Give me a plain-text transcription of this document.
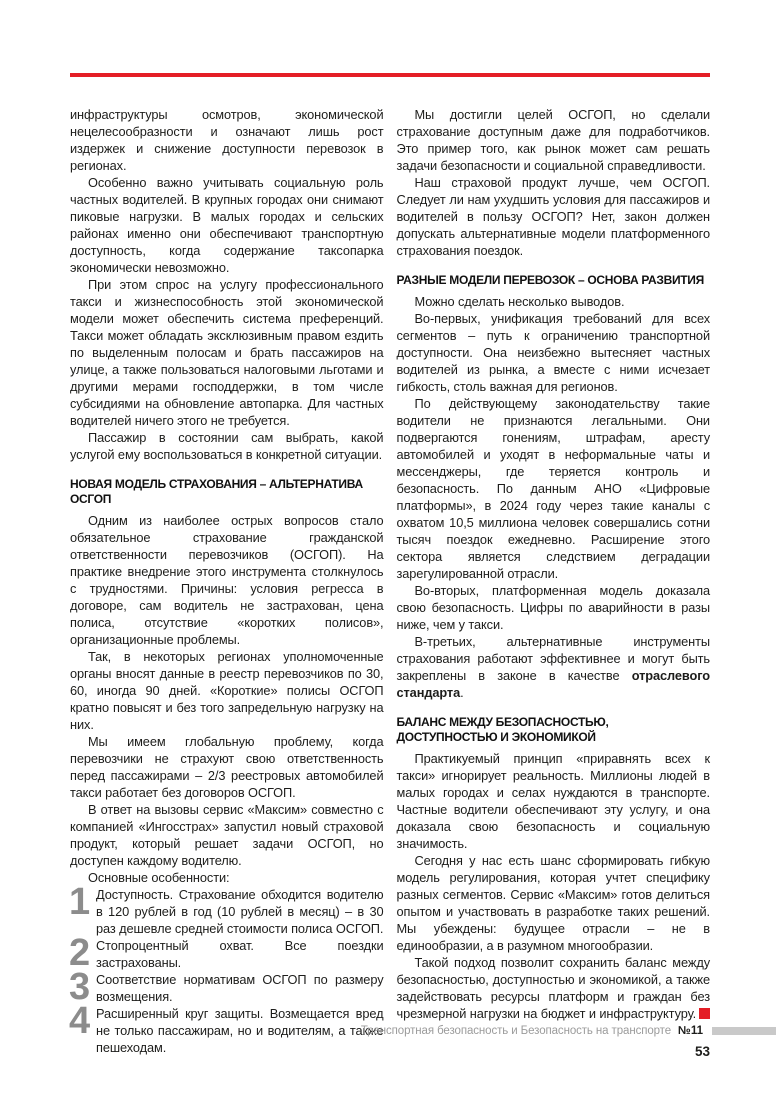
инфраструктуры осмотров, экономической нецелесообразности и означают лишь рост издержек и снижение доступности перевозок в регионах.

Особенно важно учитывать социальную роль частных водителей. В крупных городах они снимают пиковые нагрузки. В малых городах и сельских районах именно они обеспечивают транспортную доступность, когда содержание таксопарка экономически невозможно.

При этом спрос на услугу профессионального такси и жизнеспособность этой экономической модели может обеспечить система преференций. Такси может обладать эксклюзивным правом ездить по выделенным полосам и брать пассажиров на улице, а также пользоваться налоговыми льготами и другими мерами господдержки, в том числе субсидиями на обновление автопарка. Для частных водителей ничего этого не требуется.

Пассажир в состоянии сам выбрать, какой услугой ему воспользоваться в конкретной ситуации.

НОВАЯ МОДЕЛЬ СТРАХОВАНИЯ – АЛЬТЕРНАТИВА ОСГОП

Одним из наиболее острых вопросов стало обязательное страхование гражданской ответственности перевозчиков (ОСГОП). На практике внедрение этого инструмента столкнулось с трудностями. Причины: условия регресса в договоре, сам водитель не застрахован, цена полиса, отсутствие «коротких полисов», организационные проблемы.

Так, в некоторых регионах уполномоченные органы вносят данные в реестр перевозчиков по 30, 60, иногда 90 дней. «Короткие» полисы ОСГОП кратно повысят и без того запредельную нагрузку на них.

Мы имеем глобальную проблему, когда перевозчики не страхуют свою ответственность перед пассажирами – 2/3 реестровых автомобилей такси работает без договоров ОСГОП.

В ответ на вызовы сервис «Максим» совместно с компанией «Ингосстрах» запустил новый страховой продукт, который решает задачи ОСГОП, но доступен каждому водителю.

Основные особенности:

1 Доступность. Страхование обходится водителю в 120 рублей в год (10 рублей в месяц) – в 30 раз дешевле средней стоимости полиса ОСГОП.
2 Стопроцентный охват. Все поездки застрахованы.
3 Соответствие нормативам ОСГОП по размеру возмещения.
4 Расширенный круг защиты. Возмещается вред не только пассажирам, но и водителям, а также пешеходам.

Мы достигли целей ОСГОП, но сделали страхование доступным даже для подработчиков. Это пример того, как рынок может сам решать задачи безопасности и социальной справедливости.

Наш страховой продукт лучше, чем ОСГОП. Следует ли нам ухудшить условия для пассажиров и водителей в пользу ОСГОП? Нет, закон должен допускать альтернативные модели платформенного страхования поездок.

РАЗНЫЕ МОДЕЛИ ПЕРЕВОЗОК – ОСНОВА РАЗВИТИЯ

Можно сделать несколько выводов.

Во-первых, унификация требований для всех сегментов – путь к ограничению транспортной доступности. Она неизбежно вытесняет частных водителей из рынка, а вместе с ними исчезает гибкость, столь важная для регионов.

По действующему законодательству такие водители не признаются легальными. Они подвергаются гонениям, штрафам, аресту автомобилей и уходят в неформальные чаты и мессенджеры, где теряется контроль и безопасность. По данным АНО «Цифровые платформы», в 2024 году через такие каналы с охватом 10,5 миллиона человек совершались сотни тысяч поездок ежедневно. Расширение этого сектора является следствием деградации зарегулированной отрасли.

Во-вторых, платформенная модель доказала свою безопасность. Цифры по аварийности в разы ниже, чем у такси.

В-третьих, альтернативные инструменты страхования работают эффективнее и могут быть закреплены в законе в качестве отраслевого стандарта.

БАЛАНС МЕЖДУ БЕЗОПАСНОСТЬЮ, ДОСТУПНОСТЬЮ И ЭКОНОМИКОЙ

Практикуемый принцип «приравнять всех к такси» игнорирует реальность. Миллионы людей в малых городах и селах нуждаются в транспорте. Частные водители обеспечивают эту услугу, и она доказала свою безопасность и социальную значимость.

Сегодня у нас есть шанс сформировать гибкую модель регулирования, которая учтет специфику разных сегментов. Сервис «Максим» готов делиться опытом и участвовать в разработке таких решений. Мы убеждены: будущее отрасли – не в единообразии, а в разумном многообразии.

Такой подход позволит сохранить баланс между безопасностью, доступностью и экономикой, а также задействовать ресурсы платформ и граждан без чрезмерной нагрузки на бюджет и инфраструктуру.

Транспортная безопасность и Безопасность на транспорте №11
53
